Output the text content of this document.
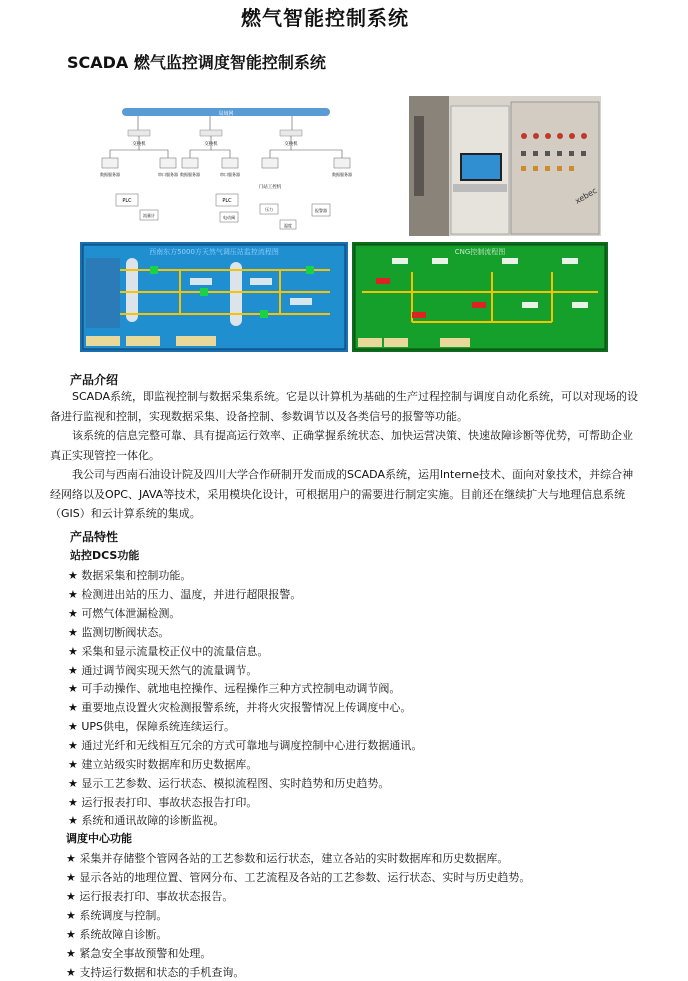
燃气智能控制系统
SCADA 燃气监控调度智能控制系统
局域网
交换机	交换机	交换机
数据服务器	串口服务器 数据服务器	串口服务器	数据服务器
门站工控机
PLC	PLC
流量计	电动阀
压力
温度
报警器
xebec
西南东方5000方天然气调压站监控流程图	CNG控制流程图
产品介绍
SCADA系统，即监视控制与数据采集系统。它是以计算机为基础的生产过程控制与调度自动化系统，可以对现场的设备进行监视和控制，实现数据采集、设备控制、参数调节以及各类信号的报警等功能。
该系统的信息完整可靠、具有提高运行效率、正确掌握系统状态、加快运营决策、快速故障诊断等优势，可帮助企业真正实现管控一体化。
我公司与西南石油设计院及四川大学合作研制开发而成的SCADA系统，运用lnterne技术、面向对象技术，并综合神经网络以及OPC、JAVA等技术，采用模块化设计，可根据用户的需要进行制定实施。目前还在继续扩大与地理信息系统（GIS）和云计算系统的集成。
产品特性
站控DCS功能
★ 数据采集和控制功能。
★ 检测进出站的压力、温度，并进行超限报警。
★ 可燃气体泄漏检测。
★ 监测切断阀状态。
★ 采集和显示流量校正仪中的流量信息。
★ 通过调节阀实现天然气的流量调节。
★ 可手动操作、就地电控操作、远程操作三种方式控制电动调节阀。
★ 重要地点设置火灾检测报警系统，并将火灾报警情况上传调度中心。
★ UPS供电，保障系统连续运行。
★ 通过光纤和无线相互冗余的方式可靠地与调度控制中心进行数据通讯。
★ 建立站级实时数据库和历史数据库。
★ 显示工艺参数、运行状态、模拟流程图、实时趋势和历史趋势。
★ 运行报表打印、事故状态报告打印。
★ 系统和通讯故障的诊断监视。
调度中心功能
★ 采集并存储整个管网各站的工艺参数和运行状态，建立各站的实时数据库和历史数据库。
★ 显示各站的地理位置、管网分布、工艺流程及各站的工艺参数、运行状态、实时与历史趋势。
★ 运行报表打印、事故状态报告。
★ 系统调度与控制。
★ 系统故障自诊断。
★ 紧急安全事故预警和处理。
★ 支持运行数据和状态的手机查询。
